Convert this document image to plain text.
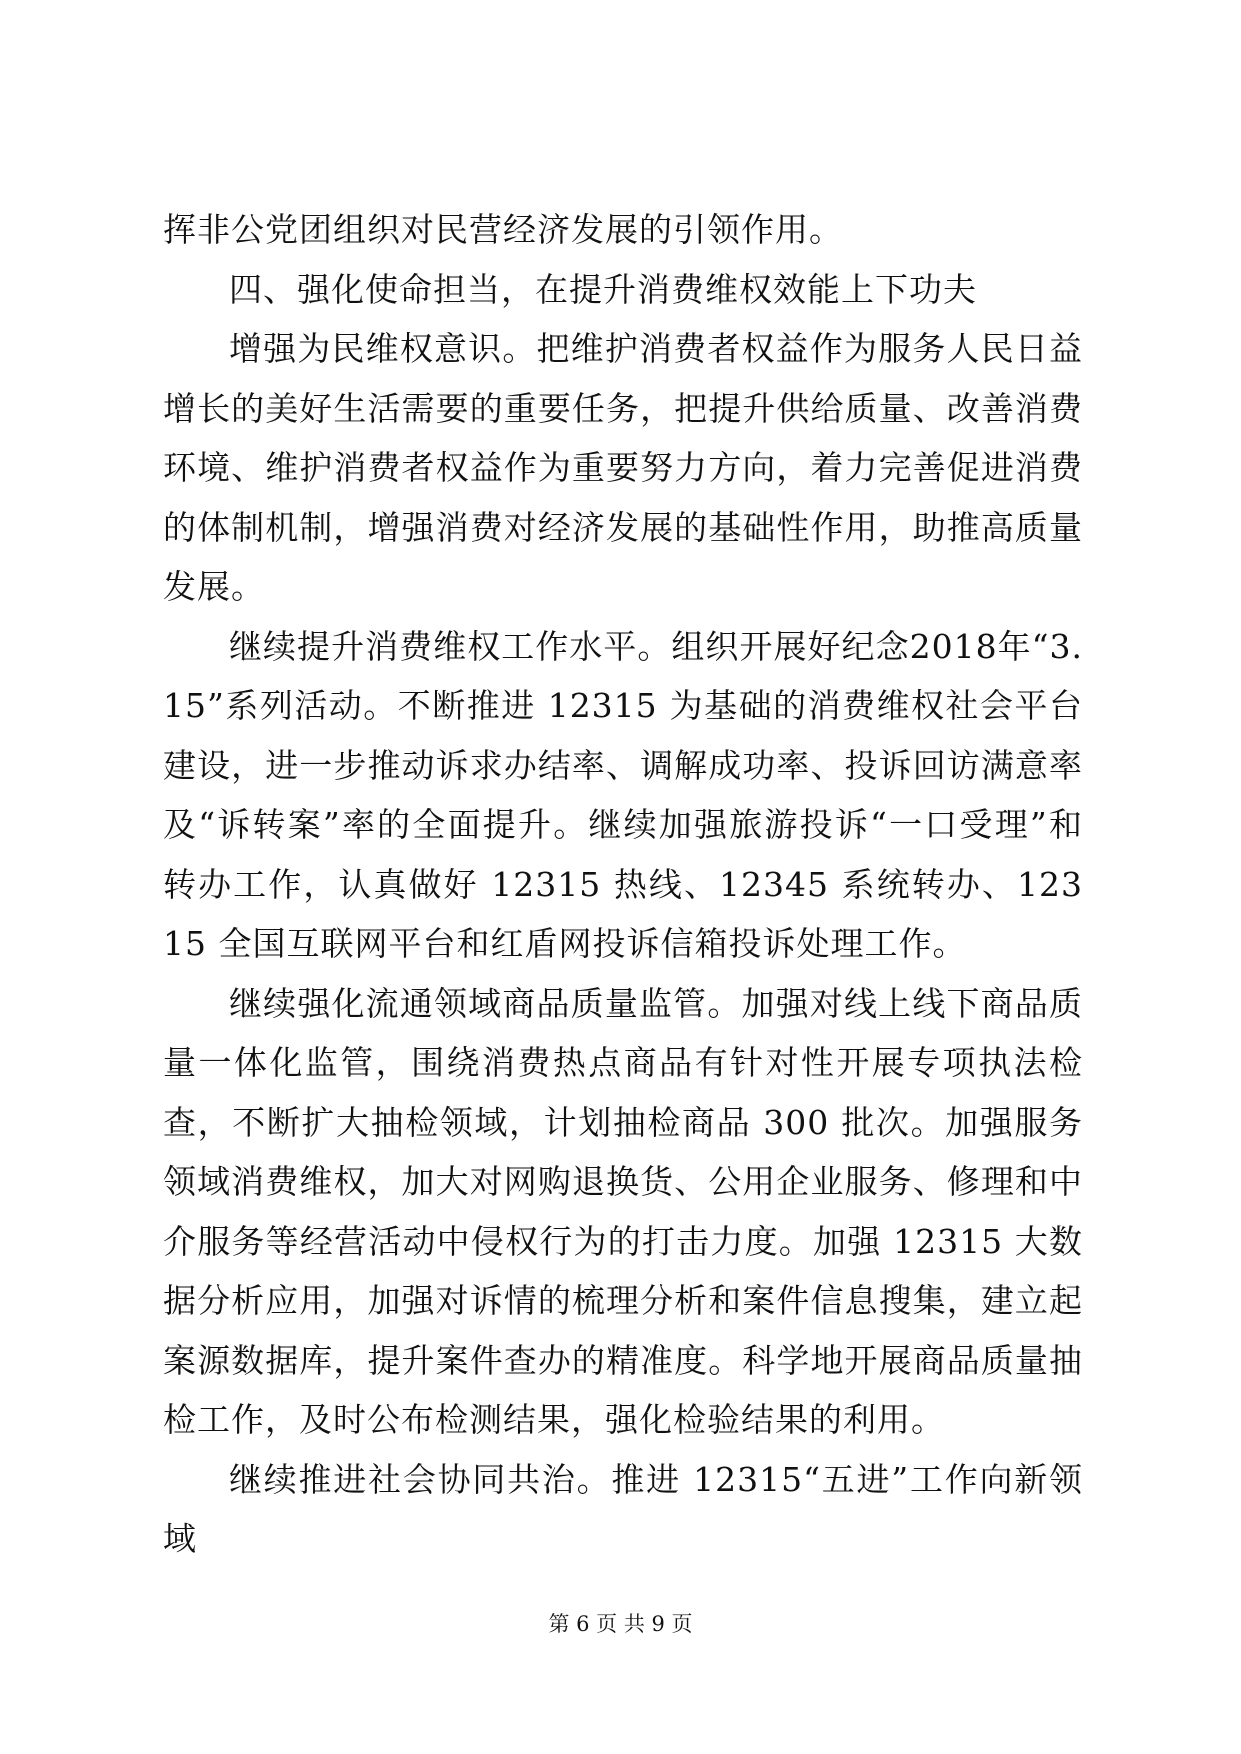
挥非公党团组织对民营经济发展的引领作用。

四、强化使命担当，在提升消费维权效能上下功夫

增强为民维权意识。把维护消费者权益作为服务人民日益增长的美好生活需要的重要任务，把提升供给质量、改善消费环境、维护消费者权益作为重要努力方向，着力完善促进消费的体制机制，增强消费对经济发展的基础性作用，助推高质量发展。

继续提升消费维权工作水平。组织开展好纪念2018年“3.15”系列活动。不断推进 12315 为基础的消费维权社会平台建设，进一步推动诉求办结率、调解成功率、投诉回访满意率及“诉转案”率的全面提升。继续加强旅游投诉“一口受理”和转办工作，认真做好 12315 热线、12345 系统转办、12315 全国互联网平台和红盾网投诉信箱投诉处理工作。

继续强化流通领域商品质量监管。加强对线上线下商品质量一体化监管，围绕消费热点商品有针对性开展专项执法检查，不断扩大抽检领域，计划抽检商品 300 批次。加强服务领域消费维权，加大对网购退换货、公用企业服务、修理和中介服务等经营活动中侵权行为的打击力度。加强 12315 大数据分析应用，加强对诉情的梳理分析和案件信息搜集，建立起案源数据库，提升案件查办的精准度。科学地开展商品质量抽检工作，及时公布检测结果，强化检验结果的利用。

继续推进社会协同共治。推进 12315“五进”工作向新领域

第 6 页 共 9 页
